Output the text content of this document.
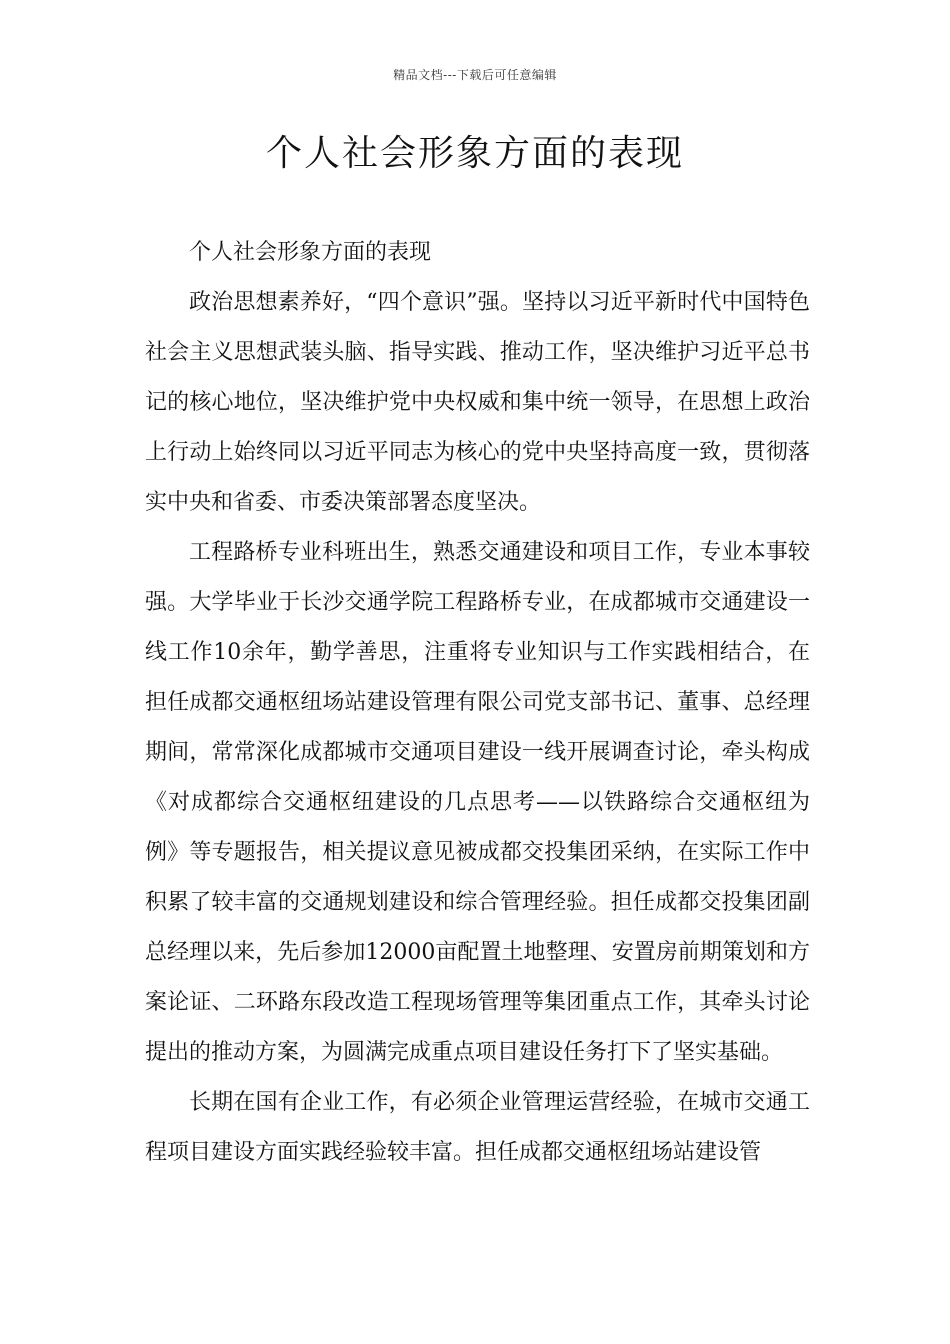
精品文档---下载后可任意编辑
个人社会形象方面的表现

个人社会形象方面的表现

政治思想素养好，“四个意识”强。坚持以习近平新时代中国特色社会主义思想武装头脑、指导实践、推动工作，坚决维护习近平总书记的核心地位，坚决维护党中央权威和集中统一领导，在思想上政治上行动上始终同以习近平同志为核心的党中央坚持高度一致，贯彻落实中央和省委、市委决策部署态度坚决。

工程路桥专业科班出生，熟悉交通建设和项目工作，专业本事较强。大学毕业于长沙交通学院工程路桥专业，在成都城市交通建设一线工作10余年，勤学善思，注重将专业知识与工作实践相结合，在担任成都交通枢纽场站建设管理有限公司党支部书记、董事、总经理期间，常常深化成都城市交通项目建设一线开展调查讨论，牵头构成《对成都综合交通枢纽建设的几点思考——以铁路综合交通枢纽为例》等专题报告，相关提议意见被成都交投集团采纳，在实际工作中积累了较丰富的交通规划建设和综合管理经验。担任成都交投集团副总经理以来，先后参加12000亩配置土地整理、安置房前期策划和方案论证、二环路东段改造工程现场管理等集团重点工作，其牵头讨论提出的推动方案，为圆满完成重点项目建设任务打下了坚实基础。

长期在国有企业工作，有必须企业管理运营经验，在城市交通工程项目建设方面实践经验较丰富。担任成都交通枢纽场站建设管
